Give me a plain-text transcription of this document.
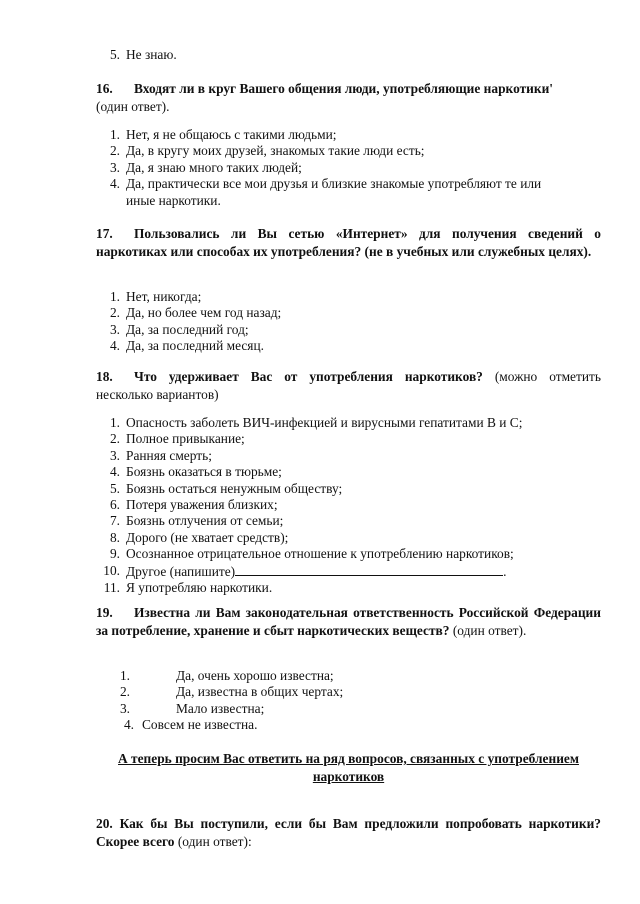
5. Не знаю.
16. Входят ли в круг Вашего общения люди, употребляющие наркотики'
(один ответ).
1. Нет, я не общаюсь с такими людьми;
2. Да, в кругу моих друзей, знакомых такие люди есть;
3. Да, я знаю много таких людей;
4. Да, практически все мои друзья и близкие знакомые употребляют те или иные наркотики.
17. Пользовались ли Вы сетью «Интернет» для получения сведений о наркотиках или способах их употребления? (не в учебных или служебных целях).
1. Нет, никогда;
2. Да, но более чем год назад;
3. Да, за последний год;
4. Да, за последний месяц.
18. Что удерживает Вас от употребления наркотиков? (можно отметить несколько вариантов)
1. Опасность заболеть ВИЧ-инфекцией и вирусными гепатитами В и С;
2. Полное привыкание;
3. Ранняя смерть;
4. Боязнь оказаться в тюрьме;
5. Боязнь остаться ненужным обществу;
6. Потеря уважения близких;
7. Боязнь отлучения от семьи;
8. Дорого (не хватает средств);
9. Осознанное отрицательное отношение к употреблению наркотиков;
10. Другое (напишите)	.
11. Я употребляю наркотики.
19. Известна ли Вам законодательная ответственность Российской Федерации за потребление, хранение и сбыт наркотических веществ? (один ответ).
1.	Да, очень хорошо известна;
2.	Да, известна в общих чертах;
3.	Мало известна;
4. Совсем не известна.
А теперь просим Вас ответить на ряд вопросов, связанных с употреблением наркотиков
20. Как бы Вы поступили, если бы Вам предложили попробовать наркотики? Скорее всего (один ответ):
